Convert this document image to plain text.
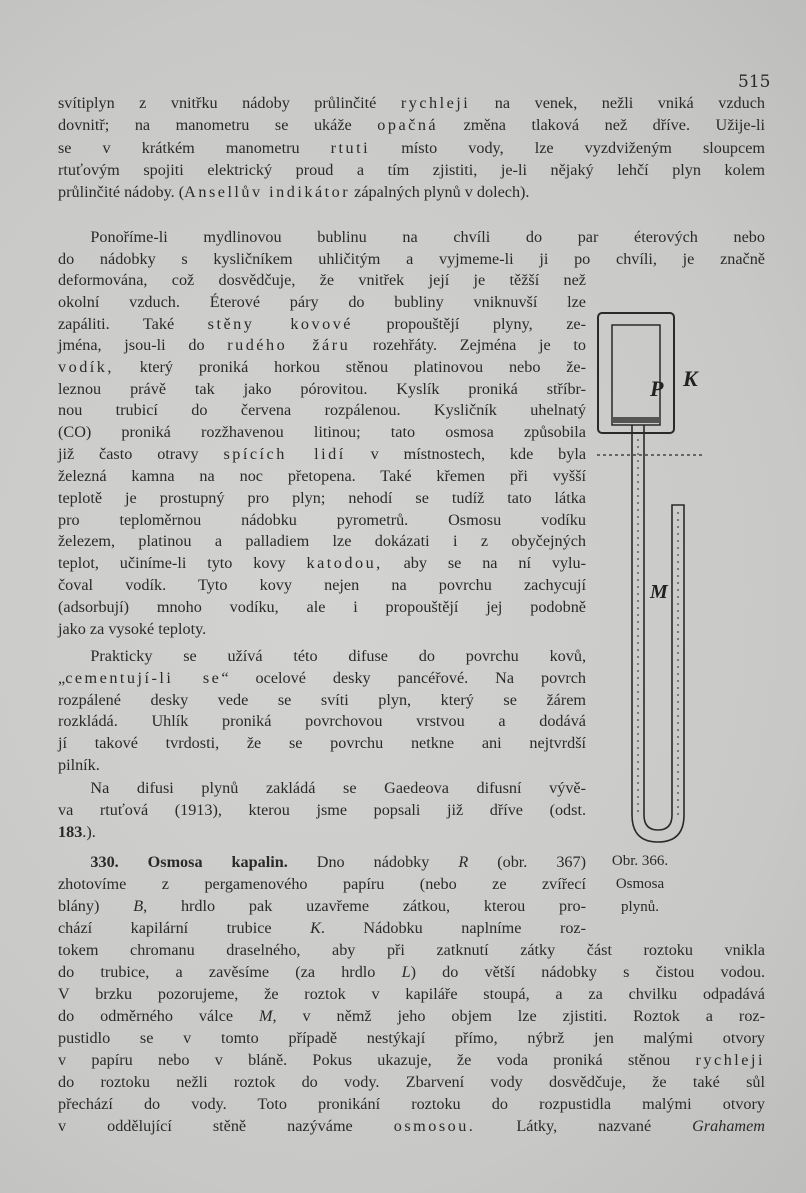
515
svítiplyn z vnitřku nádoby průlinčité rychleji na venek, nežli vniká vzduch
dovnitř; na manometru se ukáže opačná změna tlaková než dříve. Užije-li
se v krátkém manometru rtuti místo vody, lze vyzdviženým sloupcem
rtuťovým spojiti elektrický proud a tím zjistiti, je-li nějaký lehčí plyn kolem
průlinčité nádoby. (Ansellův indikátor zápalných plynů v dolech).
  Ponoříme-li mydlinovou bublinu na chvíli do par éterových nebo
do nádobky s kysličníkem uhličitým a vyjmeme-li ji po chvíli, je značně
deformována, což dosvědčuje, že vnitřek její je těžší než
okolní vzduch. Éterové páry do bubliny vniknuvší lze
zapáliti. Také stěny kovové propouštějí plyny, ze-
jména, jsou-li do rudého žáru rozehřáty. Zejména je to
vodík, který proniká horkou stěnou platinovou nebo že-
leznou právě tak jako pórovitou. Kyslík proniká stříbr-
nou trubicí do červena rozpálenou. Kysličník uhelnatý
(CO) proniká rozžhavenou litinou; tato osmosa způsobila
již často otravy spících lidí v místnostech, kde byla
železná kamna na noc přetopena. Také křemen při vyšší
teplotě je prostupný pro plyn; nehodí se tudíž tato látka
pro teploměrnou nádobku pyrometrů. Osmosu vodíku
železem, platinou a palladiem lze dokázati i z obyčejných
teplot, učiníme-li tyto kovy katodou, aby se na ní vylu-
čoval vodík. Tyto kovy nejen na povrchu zachycují
(adsorbují) mnoho vodíku, ale i propouštějí jej podobně
jako za vysoké teploty.
  Prakticky se užívá této difuse do povrchu kovů,
„cementují-li se“ ocelové desky pancéřové. Na povrch
rozpálené desky vede se svíti plyn, který se žárem
rozkládá. Uhlík proniká povrchovou vrstvou a dodává
jí takové tvrdosti, že se povrchu netkne ani nejtvrdší
pilník.
  Na difusi plynů zakládá se Gaedeova difusní vývě-
va rtuťová (1913), kterou jsme popsali již dříve (odst.
183.).
  330. Osmosa kapalin. Dno nádobky R (obr. 367)
zhotovíme z pergamenového papíru (nebo ze zvířecí
blány) B, hrdlo pak uzavřeme zátkou, kterou pro-
chází kapilární trubice K. Nádobku naplníme roz-
tokem chromanu draselného, aby při zatknutí zátky část roztoku vnikla
do trubice, a zavěsíme (za hrdlo L) do větší nádobky s čistou vodou.
V brzku pozorujeme, že roztok v kapiláře stoupá, a za chvilku odpadává
do odměrného válce M, v němž jeho objem lze zjistiti. Roztok a roz-
pustidlo se v tomto případě nestýkají přímo, nýbrž jen malými otvory
v papíru nebo v bláně. Pokus ukazuje, že voda proniká stěnou rychleji
do roztoku nežli roztok do vody. Zbarvení vody dosvědčuje, že také sůl
přechází do vody. Toto pronikání roztoku do rozpustidla malými otvory
v oddělující stěně nazýváme osmosou. Látky, nazvané Grahamem
P K
M
Obr. 366.
Osmosa
plynů.
